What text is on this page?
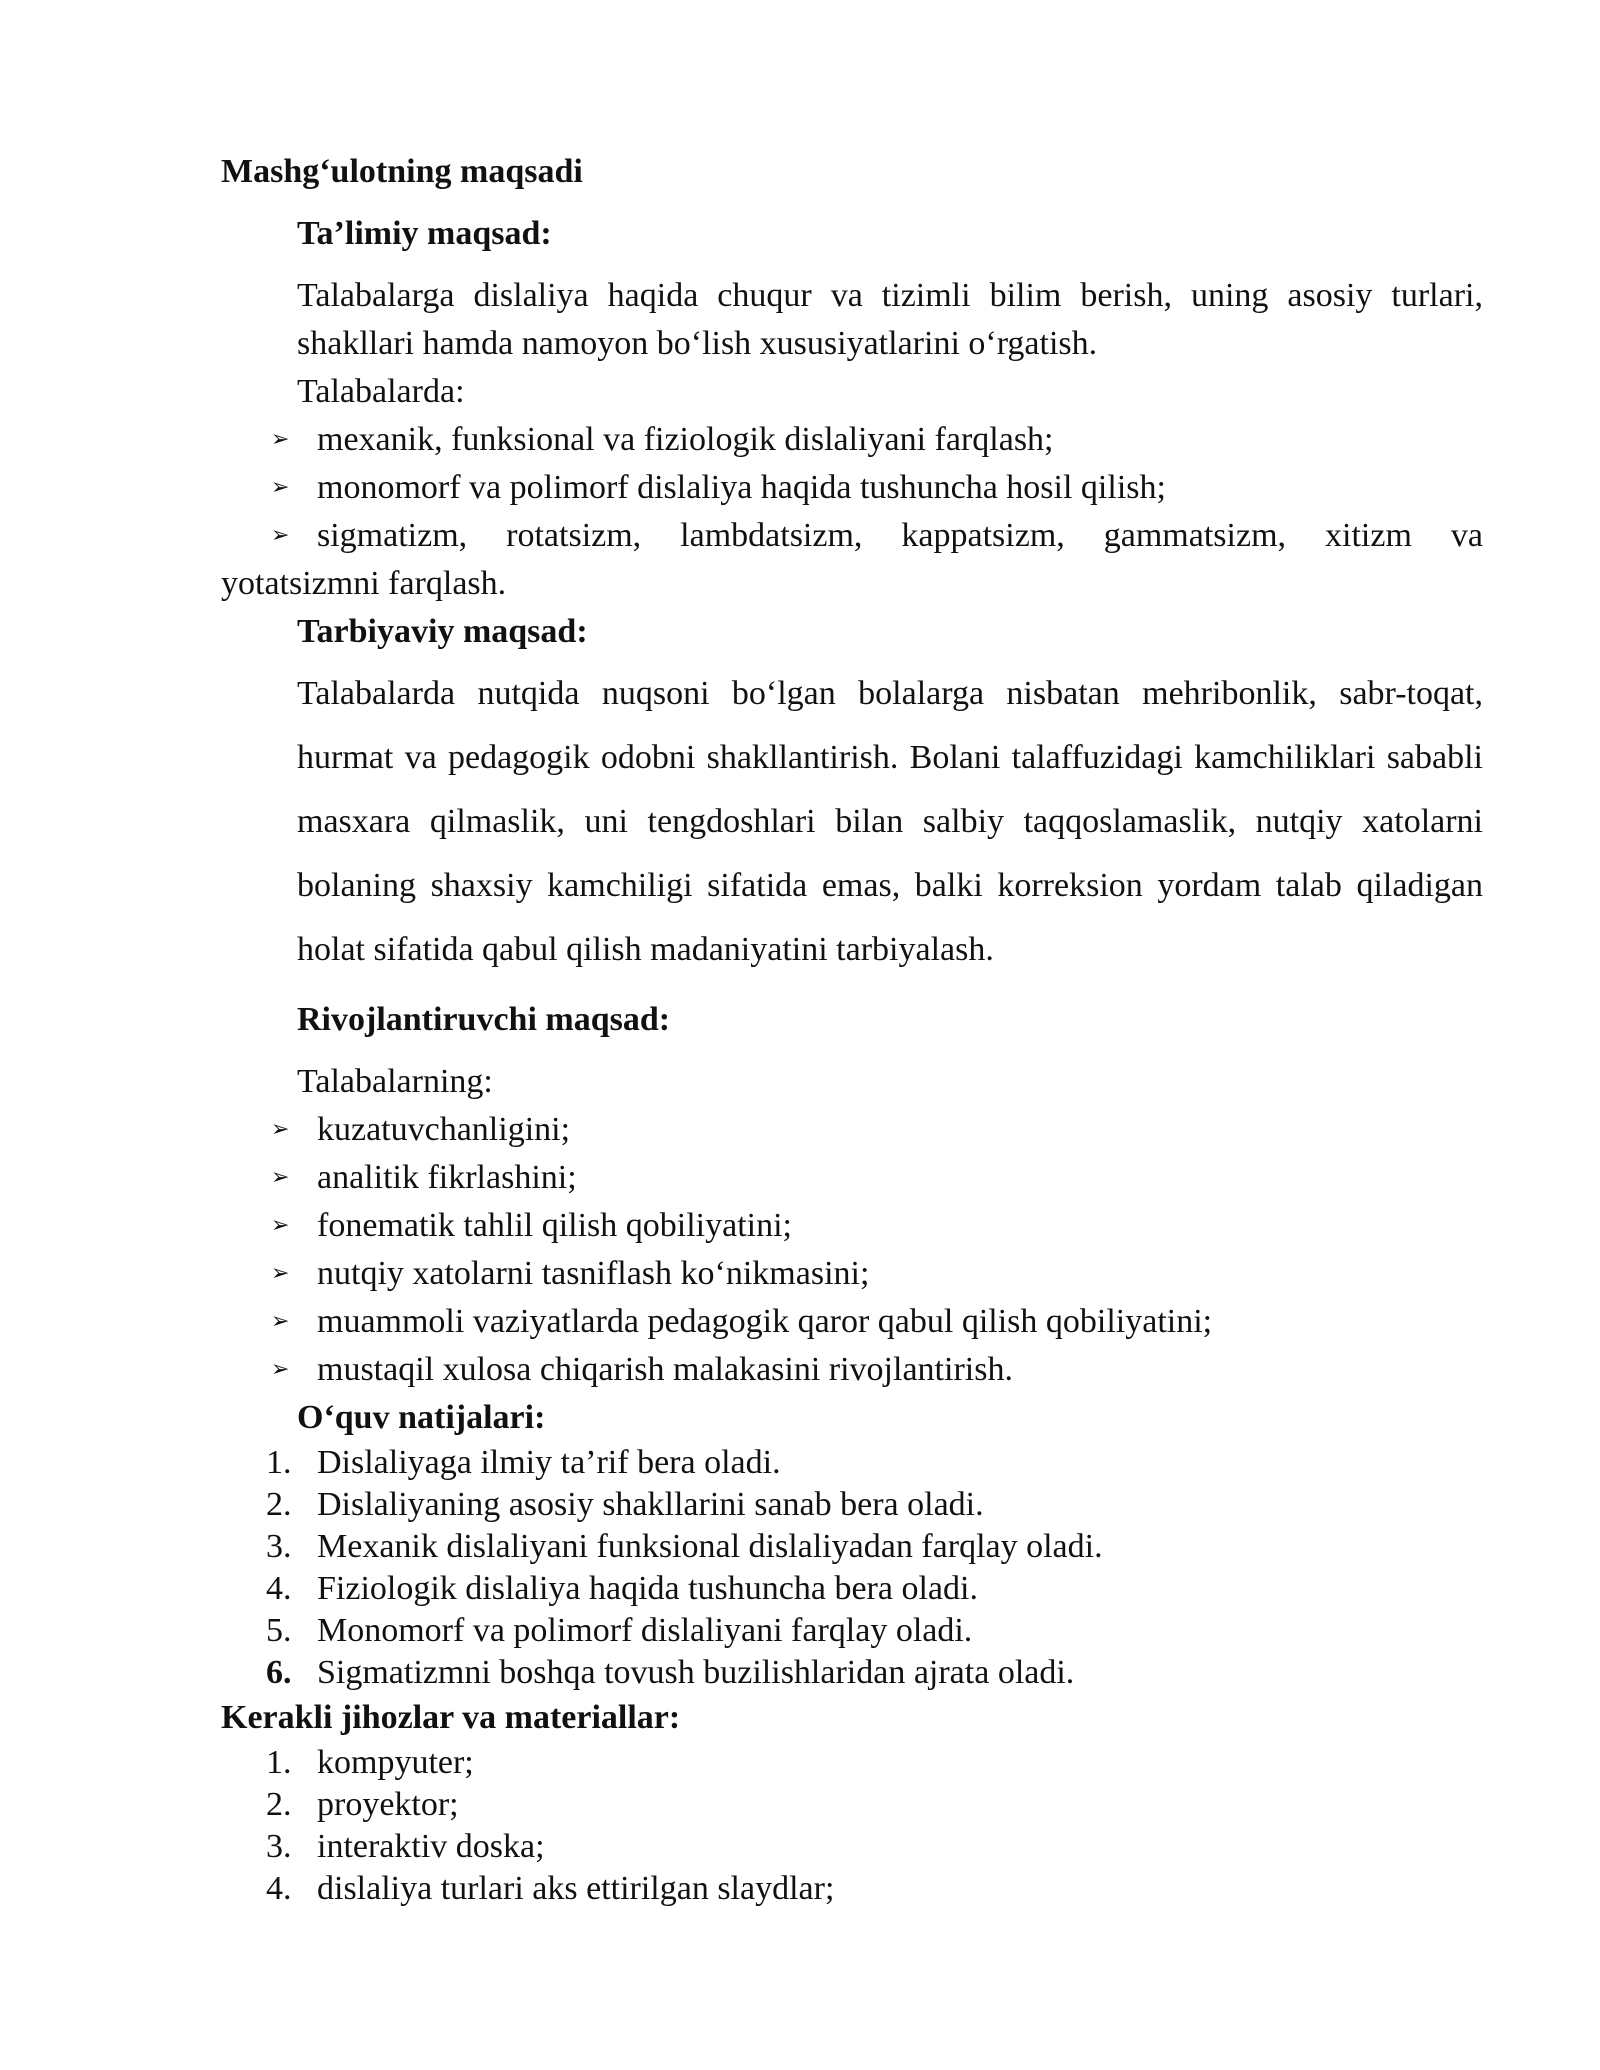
Mashg‘ulotning maqsadi

Ta’limiy maqsad:

Talabalarga dislaliya haqida chuqur va tizimli bilim berish, uning asosiy turlari, shakllari hamda namoyon bo‘lish xususiyatlarini o‘rgatish.

Talabalarda:

➢ mexanik, funksional va fiziologik dislaliyani farqlash;
➢ monomorf va polimorf dislaliya haqida tushuncha hosil qilish;
➢ sigmatizm, rotatsizm, lambdatsizm, kappatsizm, gammatsizm, xitizm va

yotatsizmni farqlash.

Tarbiyaviy maqsad:

Talabalarda nutqida nuqsoni bo‘lgan bolalarga nisbatan mehribonlik, sabr-toqat, hurmat va pedagogik odobni shakllantirish. Bolani talaffuzidagi kamchiliklari sababli masxara qilmaslik, uni tengdoshlari bilan salbiy taqqoslamaslik, nutqiy xatolarni bolaning shaxsiy kamchiligi sifatida emas, balki korreksion yordam talab qiladigan holat sifatida qabul qilish madaniyatini tarbiyalash.

Rivojlantiruvchi maqsad:

Talabalarning:

➢ kuzatuvchanligini;
➢ analitik fikrlashini;
➢ fonematik tahlil qilish qobiliyatini;
➢ nutqiy xatolarni tasniflash ko‘nikmasini;
➢ muammoli vaziyatlarda pedagogik qaror qabul qilish qobiliyatini;
➢ mustaqil xulosa chiqarish malakasini rivojlantirish.

O‘quv natijalari:

1. Dislaliyaga ilmiy ta’rif bera oladi.
2. Dislaliyaning asosiy shakllarini sanab bera oladi.
3. Mexanik dislaliyani funksional dislaliyadan farqlay oladi.
4. Fiziologik dislaliya haqida tushuncha bera oladi.
5. Monomorf va polimorf dislaliyani farqlay oladi.
6. Sigmatizmni boshqa tovush buzilishlaridan ajrata oladi.

Kerakli jihozlar va materiallar:

1. kompyuter;
2. proyektor;
3. interaktiv doska;
4. dislaliya turlari aks ettirilgan slaydlar;
